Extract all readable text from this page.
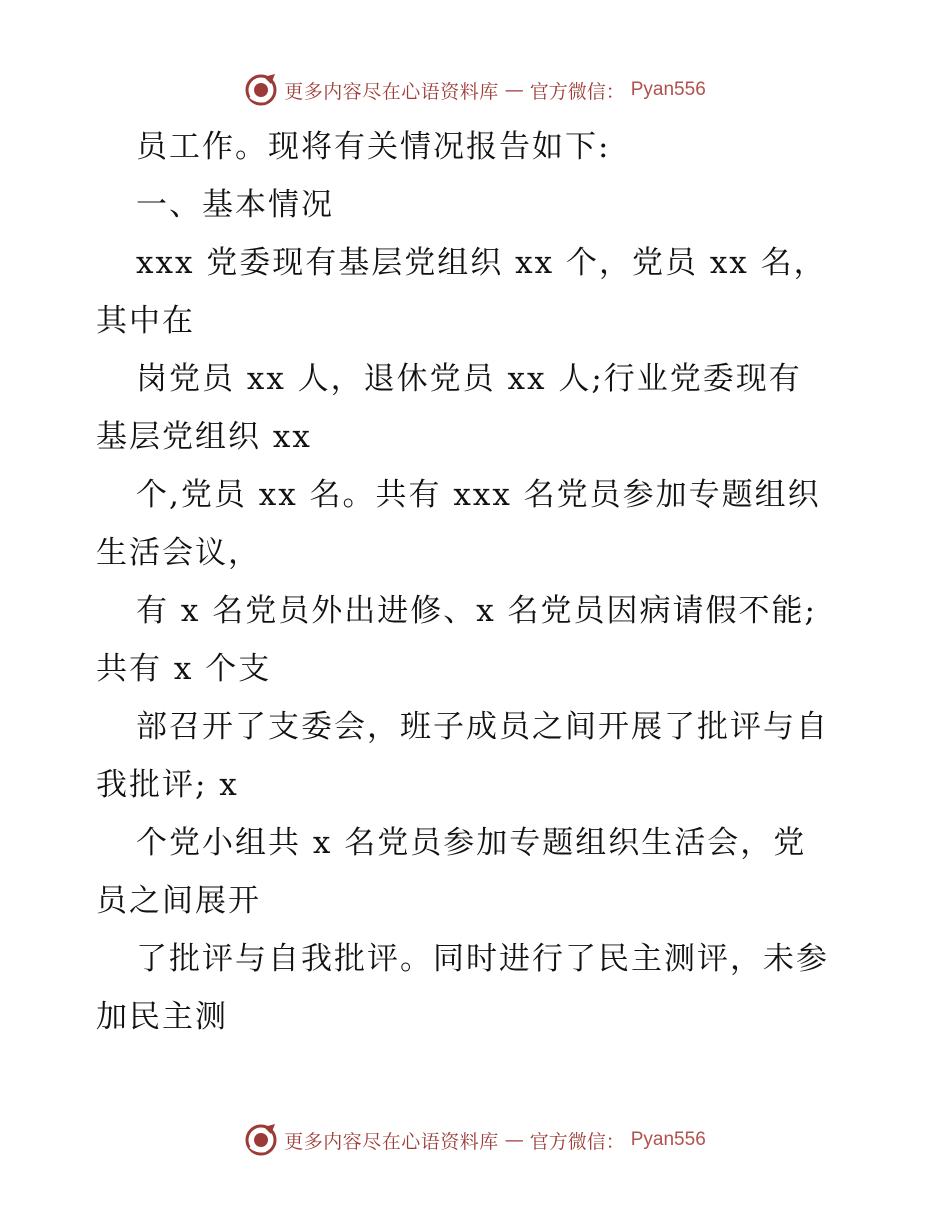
更多内容尽在心语资料库 — 官方微信： Pyan556
员工作。现将有关情况报告如下:
一、基本情况
xxx 党委现有基层党组织 xx 个，党员 xx 名，
其中在
岗党员 xx 人，退休党员 xx 人;行业党委现有
基层党组织 xx
个,党员 xx 名。共有 xxx 名党员参加专题组织
生活会议，
有 x 名党员外出进修、x 名党员因病请假不能;
共有 x 个支
部召开了支委会，班子成员之间开展了批评与自
我批评; x
个党小组共 x 名党员参加专题组织生活会，党
员之间展开
了批评与自我批评。同时进行了民主测评，未参
加民主测
更多内容尽在心语资料库 — 官方微信： Pyan556
